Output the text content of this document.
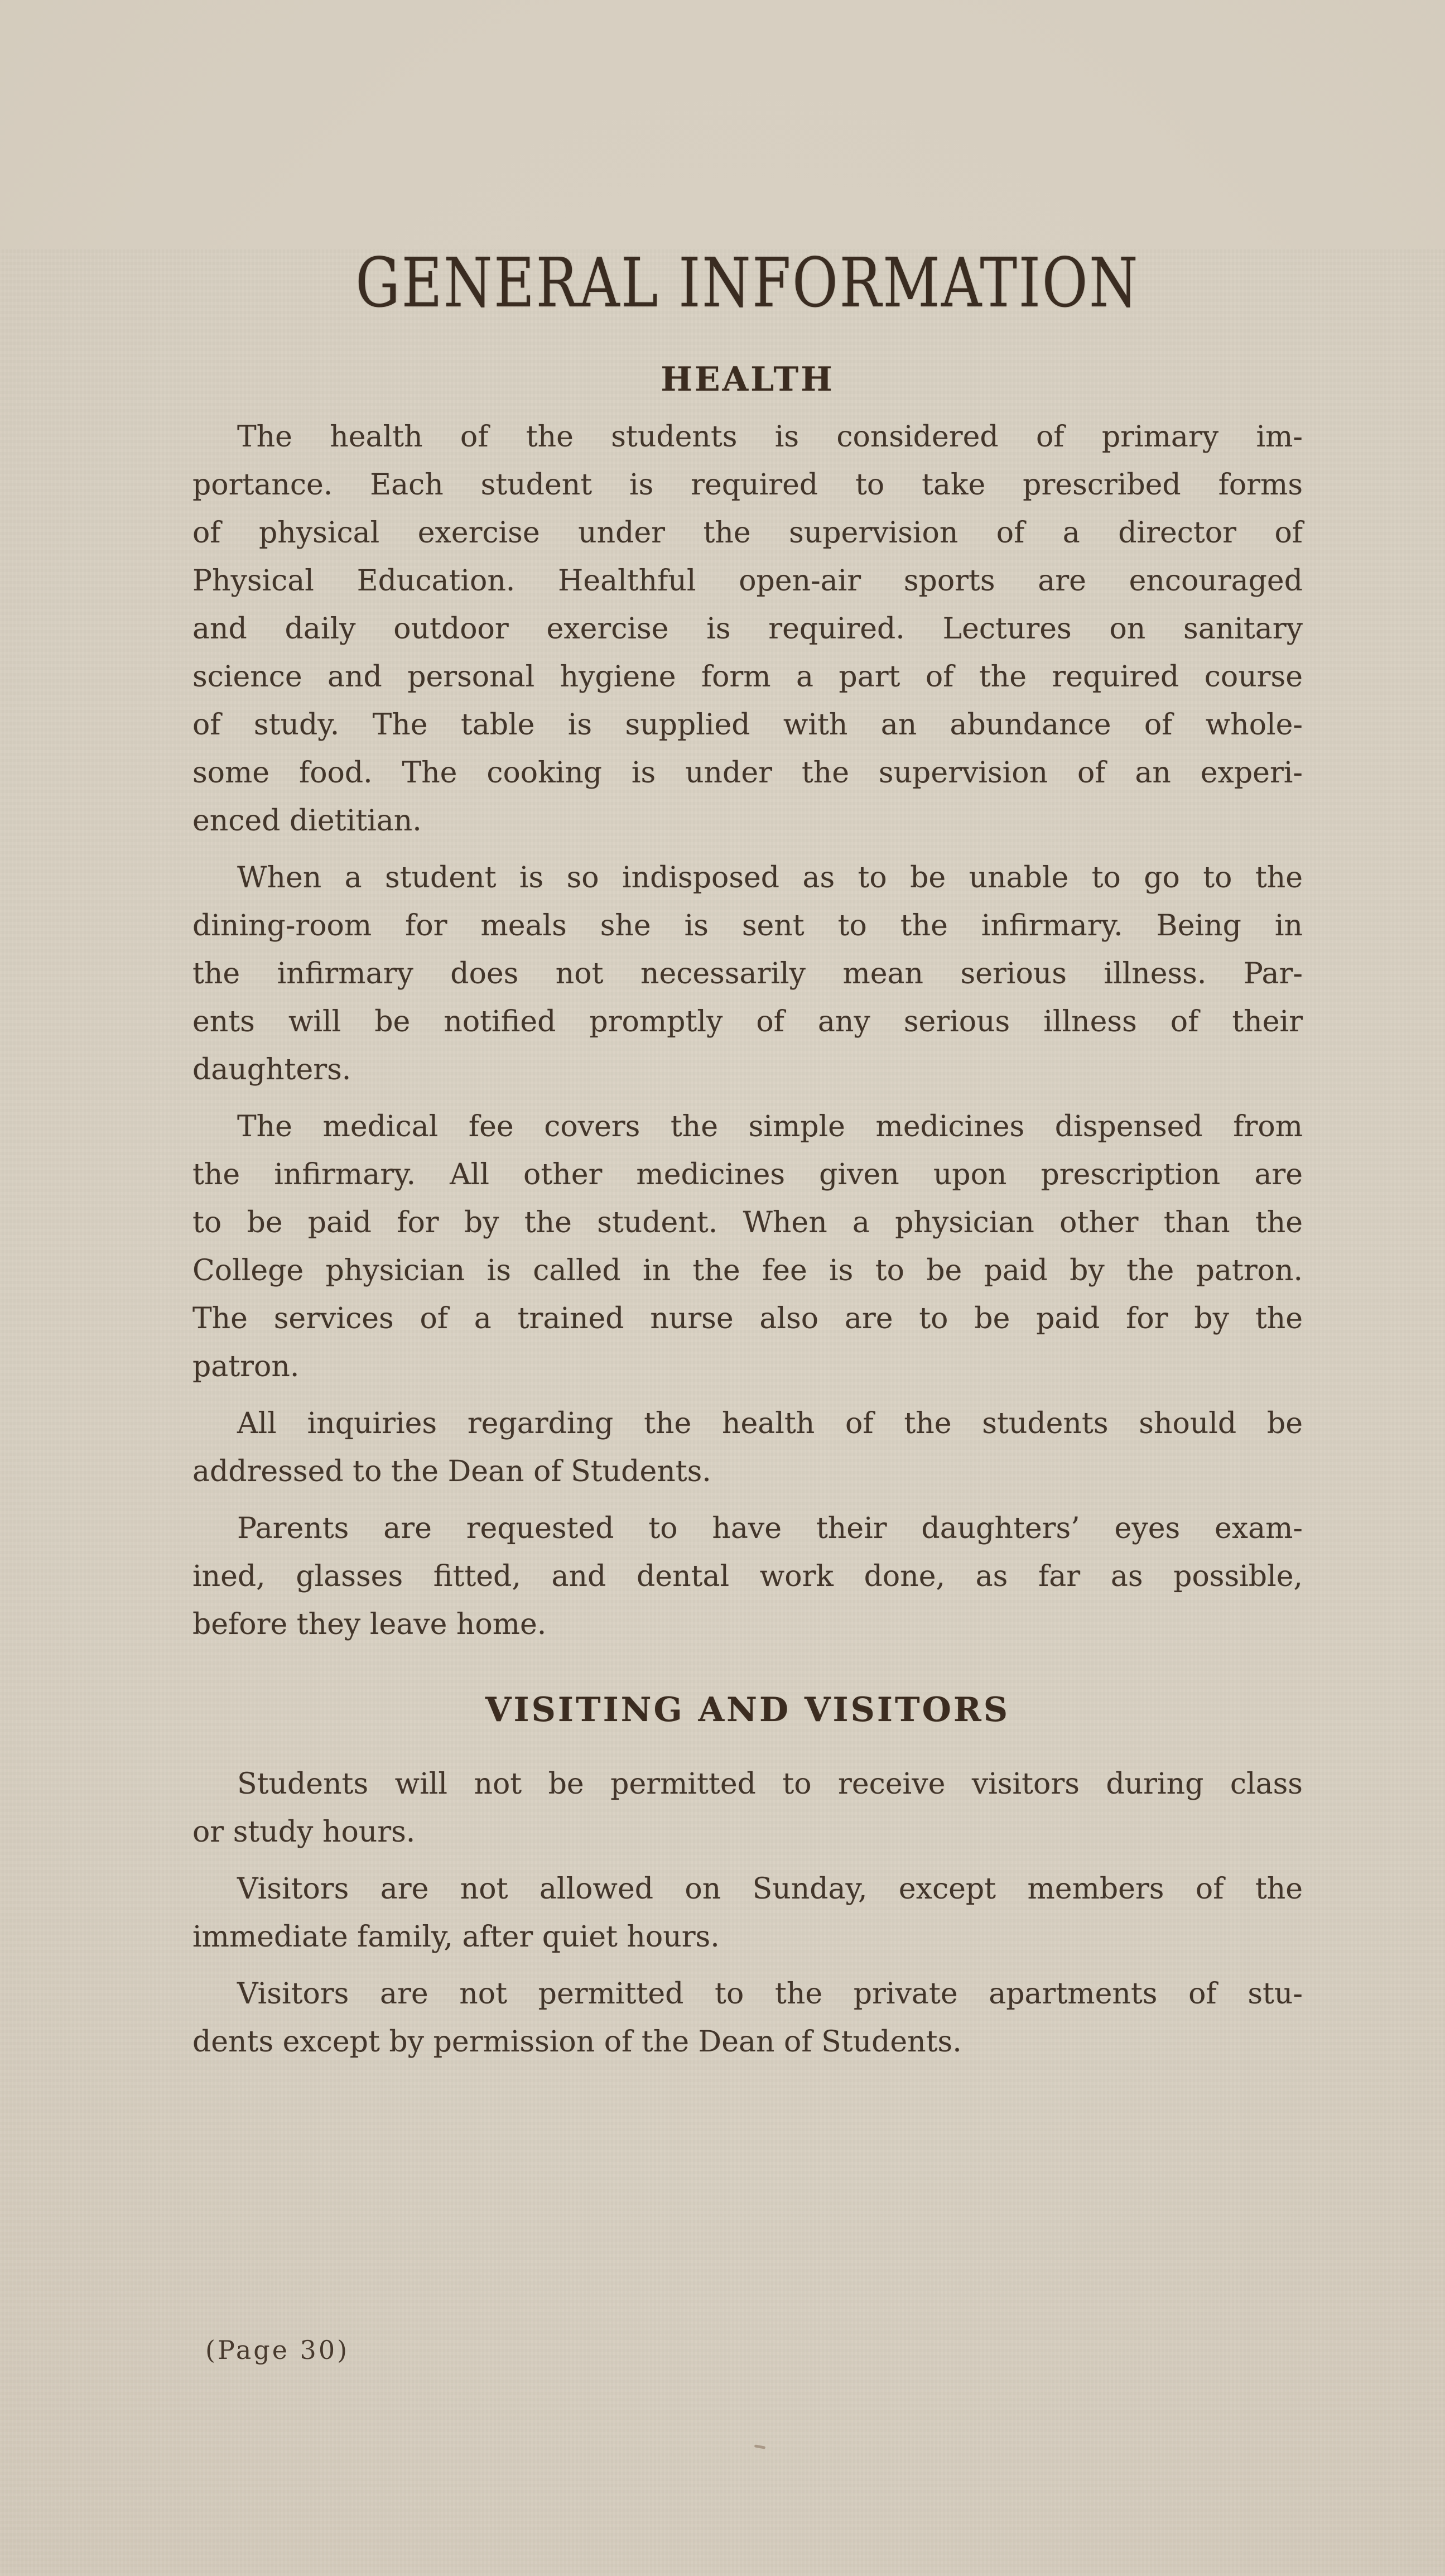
GENERAL INFORMATION
HEALTH
The health of the students is considered of primary im-
portance. Each student is required to take prescribed forms
of physical exercise under the supervision of a director of
Physical Education. Healthful open-air sports are encouraged
and daily outdoor exercise is required. Lectures on sanitary
science and personal hygiene form a part of the required course
of study. The table is supplied with an abundance of whole-
some food. The cooking is under the supervision of an experi-
enced dietitian.
When a student is so indisposed as to be unable to go to the
dining-room for meals she is sent to the infirmary. Being in
the infirmary does not necessarily mean serious illness. Par-
ents will be notified promptly of any serious illness of their
daughters.
The medical fee covers the simple medicines dispensed from
the infirmary. All other medicines given upon prescription are
to be paid for by the student. When a physician other than the
College physician is called in the fee is to be paid by the patron.
The services of a trained nurse also are to be paid for by the
patron.
All inquiries regarding the health of the students should be
addressed to the Dean of Students.
Parents are requested to have their daughters’ eyes exam-
ined, glasses fitted, and dental work done, as far as possible,
before they leave home.
VISITING AND VISITORS
Students will not be permitted to receive visitors during class
or study hours.
Visitors are not allowed on Sunday, except members of the
immediate family, after quiet hours.
Visitors are not permitted to the private apartments of stu-
dents except by permission of the Dean of Students.
(Page 30)
